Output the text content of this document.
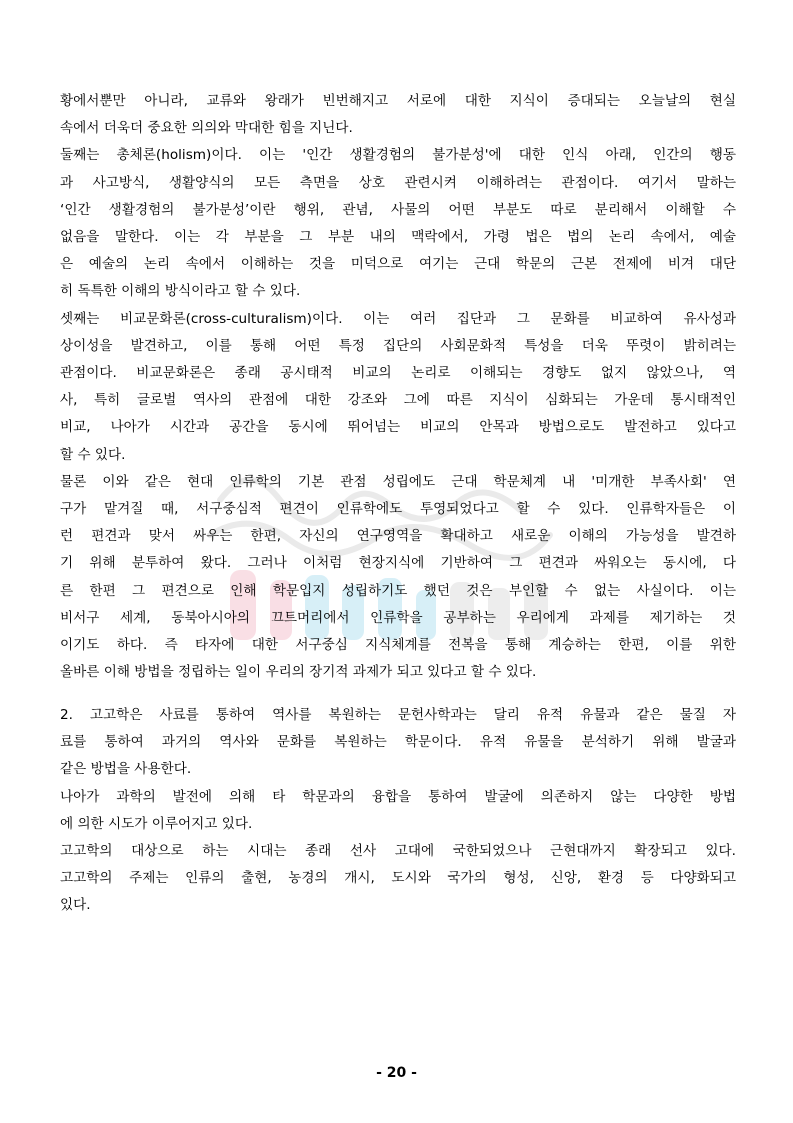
황에서뿐만 아니라, 교류와 왕래가 빈번해지고 서로에 대한 지식이 증대되는 오늘날의 현실
속에서 더욱더 중요한 의의와 막대한 힘을 지닌다.

둘째는 총체론(holism)이다. 이는 '인간 생활경험의 불가분성'에 대한 인식 아래, 인간의 행동
과 사고방식, 생활양식의 모든 측면을 상호 관련시켜 이해하려는 관점이다. 여기서 말하는
‘인간 생활경험의 불가분성’이란 행위, 관념, 사물의 어떤 부분도 따로 분리해서 이해할 수
없음을 말한다. 이는 각 부분을 그 부분 내의 맥락에서, 가령 법은 법의 논리 속에서, 예술
은 예술의 논리 속에서 이해하는 것을 미덕으로 여기는 근대 학문의 근본 전제에 비겨 대단
히 독특한 이해의 방식이라고 할 수 있다.

셋째는 비교문화론(cross-culturalism)이다. 이는 여러 집단과 그 문화를 비교하여 유사성과
상이성을 발견하고, 이를 통해 어떤 특정 집단의 사회문화적 특성을 더욱 뚜렷이 밝히려는
관점이다. 비교문화론은 종래 공시태적 비교의 논리로 이해되는 경향도 없지 않았으나, 역
사, 특히 글로벌 역사의 관점에 대한 강조와 그에 따른 지식이 심화되는 가운데 통시태적인
비교, 나아가 시간과 공간을 동시에 뛰어넘는 비교의 안목과 방법으로도 발전하고 있다고
할 수 있다.

물론 이와 같은 현대 인류학의 기본 관점 성립에도 근대 학문체계 내 '미개한 부족사회' 연
구가 맡겨질 때, 서구중심적 편견이 인류학에도 투영되었다고 할 수 있다. 인류학자들은 이
런 편견과 맞서 싸우는 한편, 자신의 연구영역을 확대하고 새로운 이해의 가능성을 발견하
기 위해 분투하여 왔다. 그러나 이처럼 현장지식에 기반하여 그 편견과 싸워오는 동시에, 다
른 한편 그 편견으로 인해 학문입지 성립하기도 했던 것은 부인할 수 없는 사실이다. 이는
비서구 세계, 동북아시아의 끄트머리에서 인류학을 공부하는 우리에게 과제를 제기하는 것
이기도 하다. 즉 타자에 대한 서구중심 지식체계를 전복을 통해 계승하는 한편, 이를 위한
올바른 이해 방법을 정립하는 일이 우리의 장기적 과제가 되고 있다고 할 수 있다.

2. 고고학은 사료를 통하여 역사를 복원하는 문헌사학과는 달리 유적 유물과 같은 물질 자
료를 통하여 과거의 역사와 문화를 복원하는 학문이다. 유적 유물을 분석하기 위해 발굴과
같은 방법을 사용한다.

나아가 과학의 발전에 의해 타 학문과의 융합을 통하여 발굴에 의존하지 않는 다양한 방법
에 의한 시도가 이루어지고 있다.

고고학의 대상으로 하는 시대는 종래 선사 고대에 국한되었으나 근현대까지 확장되고 있다.
고고학의 주제는 인류의 출현, 농경의 개시, 도시와 국가의 형성, 신앙, 환경 등 다양화되고
있다.

- 20 -
